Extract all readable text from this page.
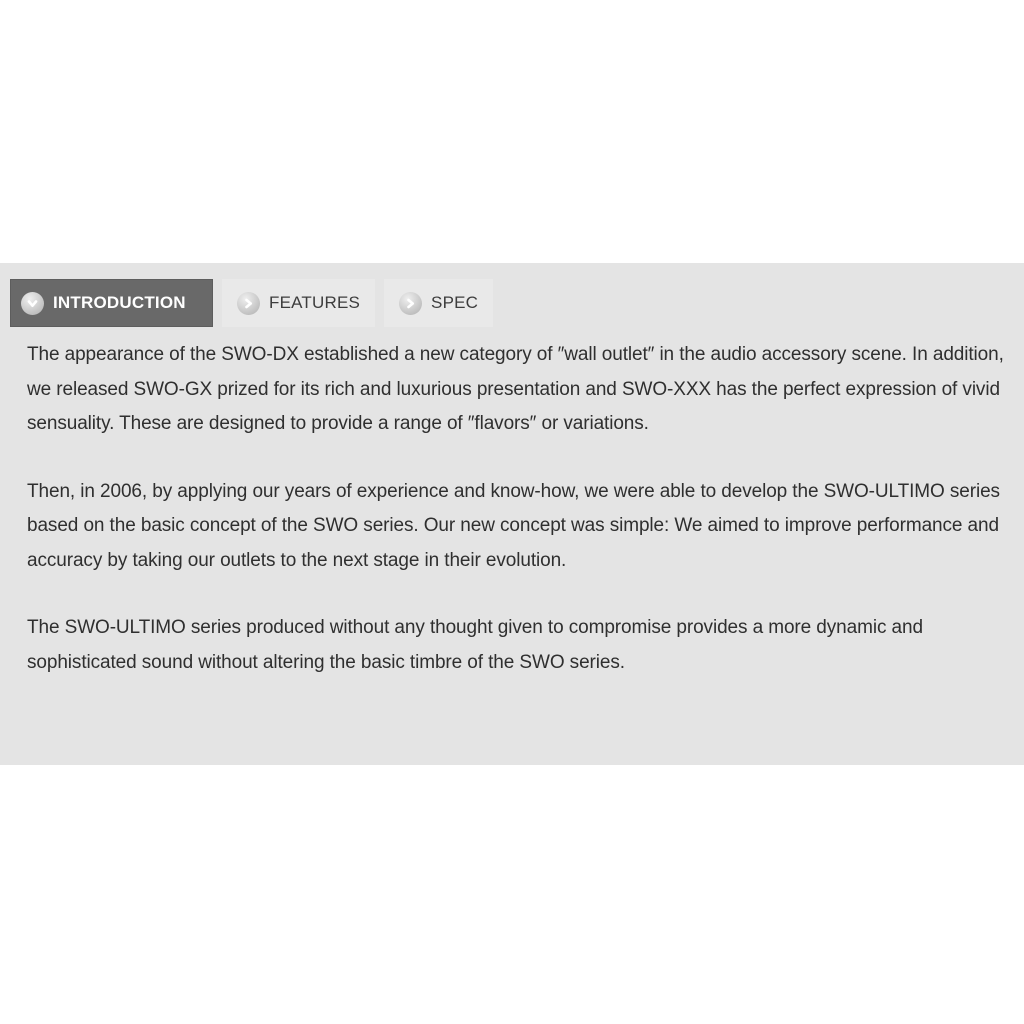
INTRODUCTION	FEATURES	SPEC

The appearance of the SWO-DX established a new category of ″wall outlet″ in the audio accessory scene. In addition, we released SWO-GX prized for its rich and luxurious presentation and SWO-XXX has the perfect expression of vivid sensuality. These are designed to provide a range of ″flavors″ or variations.

Then, in 2006, by applying our years of experience and know-how, we were able to develop the SWO-ULTIMO series based on the basic concept of the SWO series. Our new concept was simple: We aimed to improve performance and accuracy by taking our outlets to the next stage in their evolution.

The SWO-ULTIMO series produced without any thought given to compromise provides a more dynamic and sophisticated sound without altering the basic timbre of the SWO series.
